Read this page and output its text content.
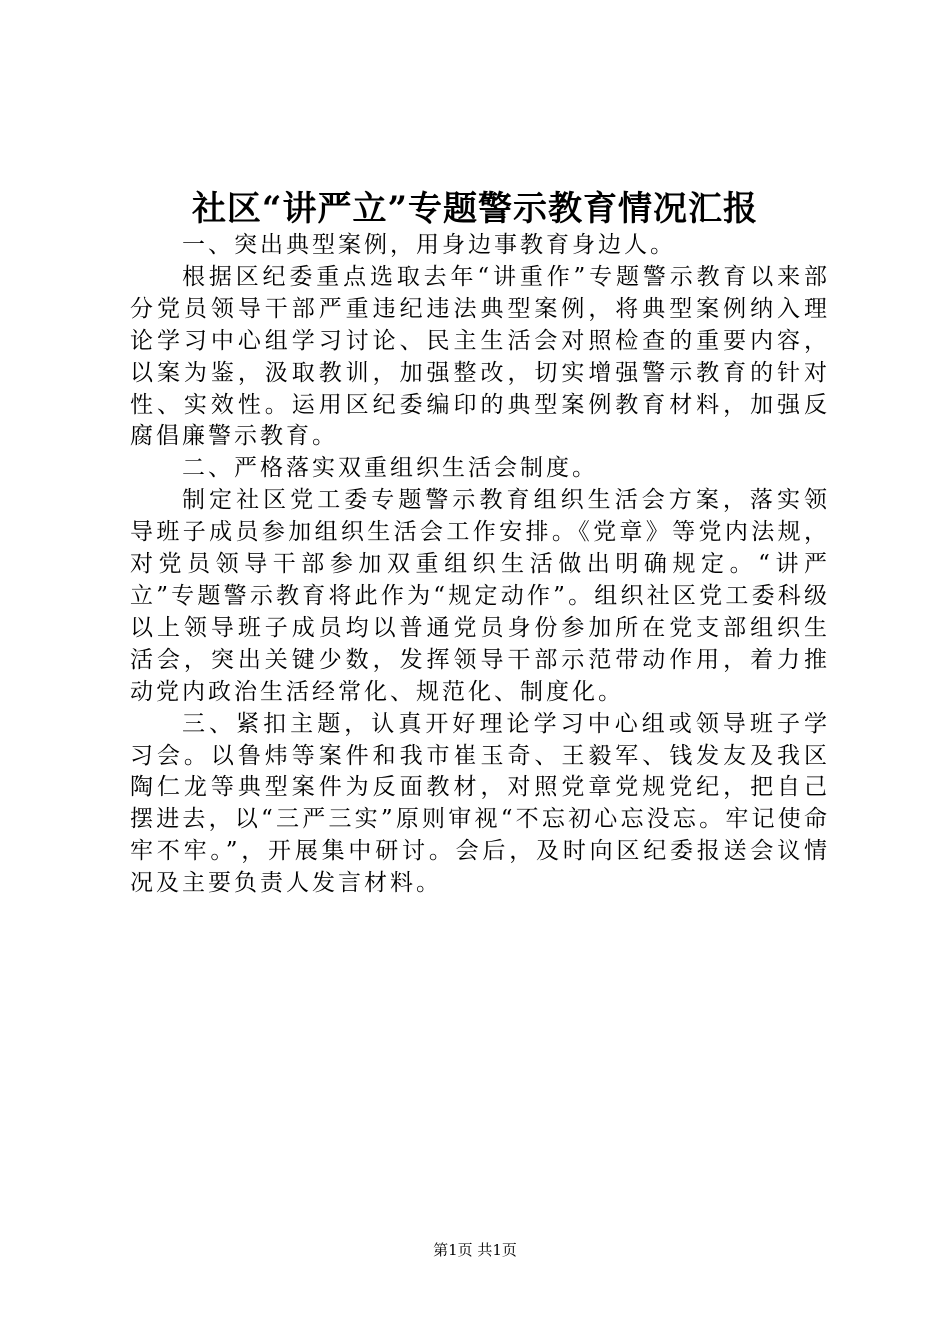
社区“讲严立”专题警示教育情况汇报

一、突出典型案例，用身边事教育身边人。

根据区纪委重点选取去年“讲重作”专题警示教育以来部分党员领导干部严重违纪违法典型案例，将典型案例纳入理论学习中心组学习讨论、民主生活会对照检查的重要内容，以案为鉴，汲取教训，加强整改，切实增强警示教育的针对性、实效性。运用区纪委编印的典型案例教育材料，加强反腐倡廉警示教育。

二、严格落实双重组织生活会制度。

制定社区党工委专题警示教育组织生活会方案，落实领导班子成员参加组织生活会工作安排。《党章》等党内法规，对党员领导干部参加双重组织生活做出明确规定。“讲严立”专题警示教育将此作为“规定动作”。组织社区党工委科级以上领导班子成员均以普通党员身份参加所在党支部组织生活会，突出关键少数，发挥领导干部示范带动作用，着力推动党内政治生活经常化、规范化、制度化。

三、紧扣主题，认真开好理论学习中心组或领导班子学习会。以鲁炜等案件和我市崔玉奇、王毅军、钱发友及我区陶仁龙等典型案件为反面教材，对照党章党规党纪，把自己摆进去，以“三严三实”原则审视“不忘初心忘没忘。牢记使命牢不牢。”，开展集中研讨。会后，及时向区纪委报送会议情况及主要负责人发言材料。

第1页 共1页
